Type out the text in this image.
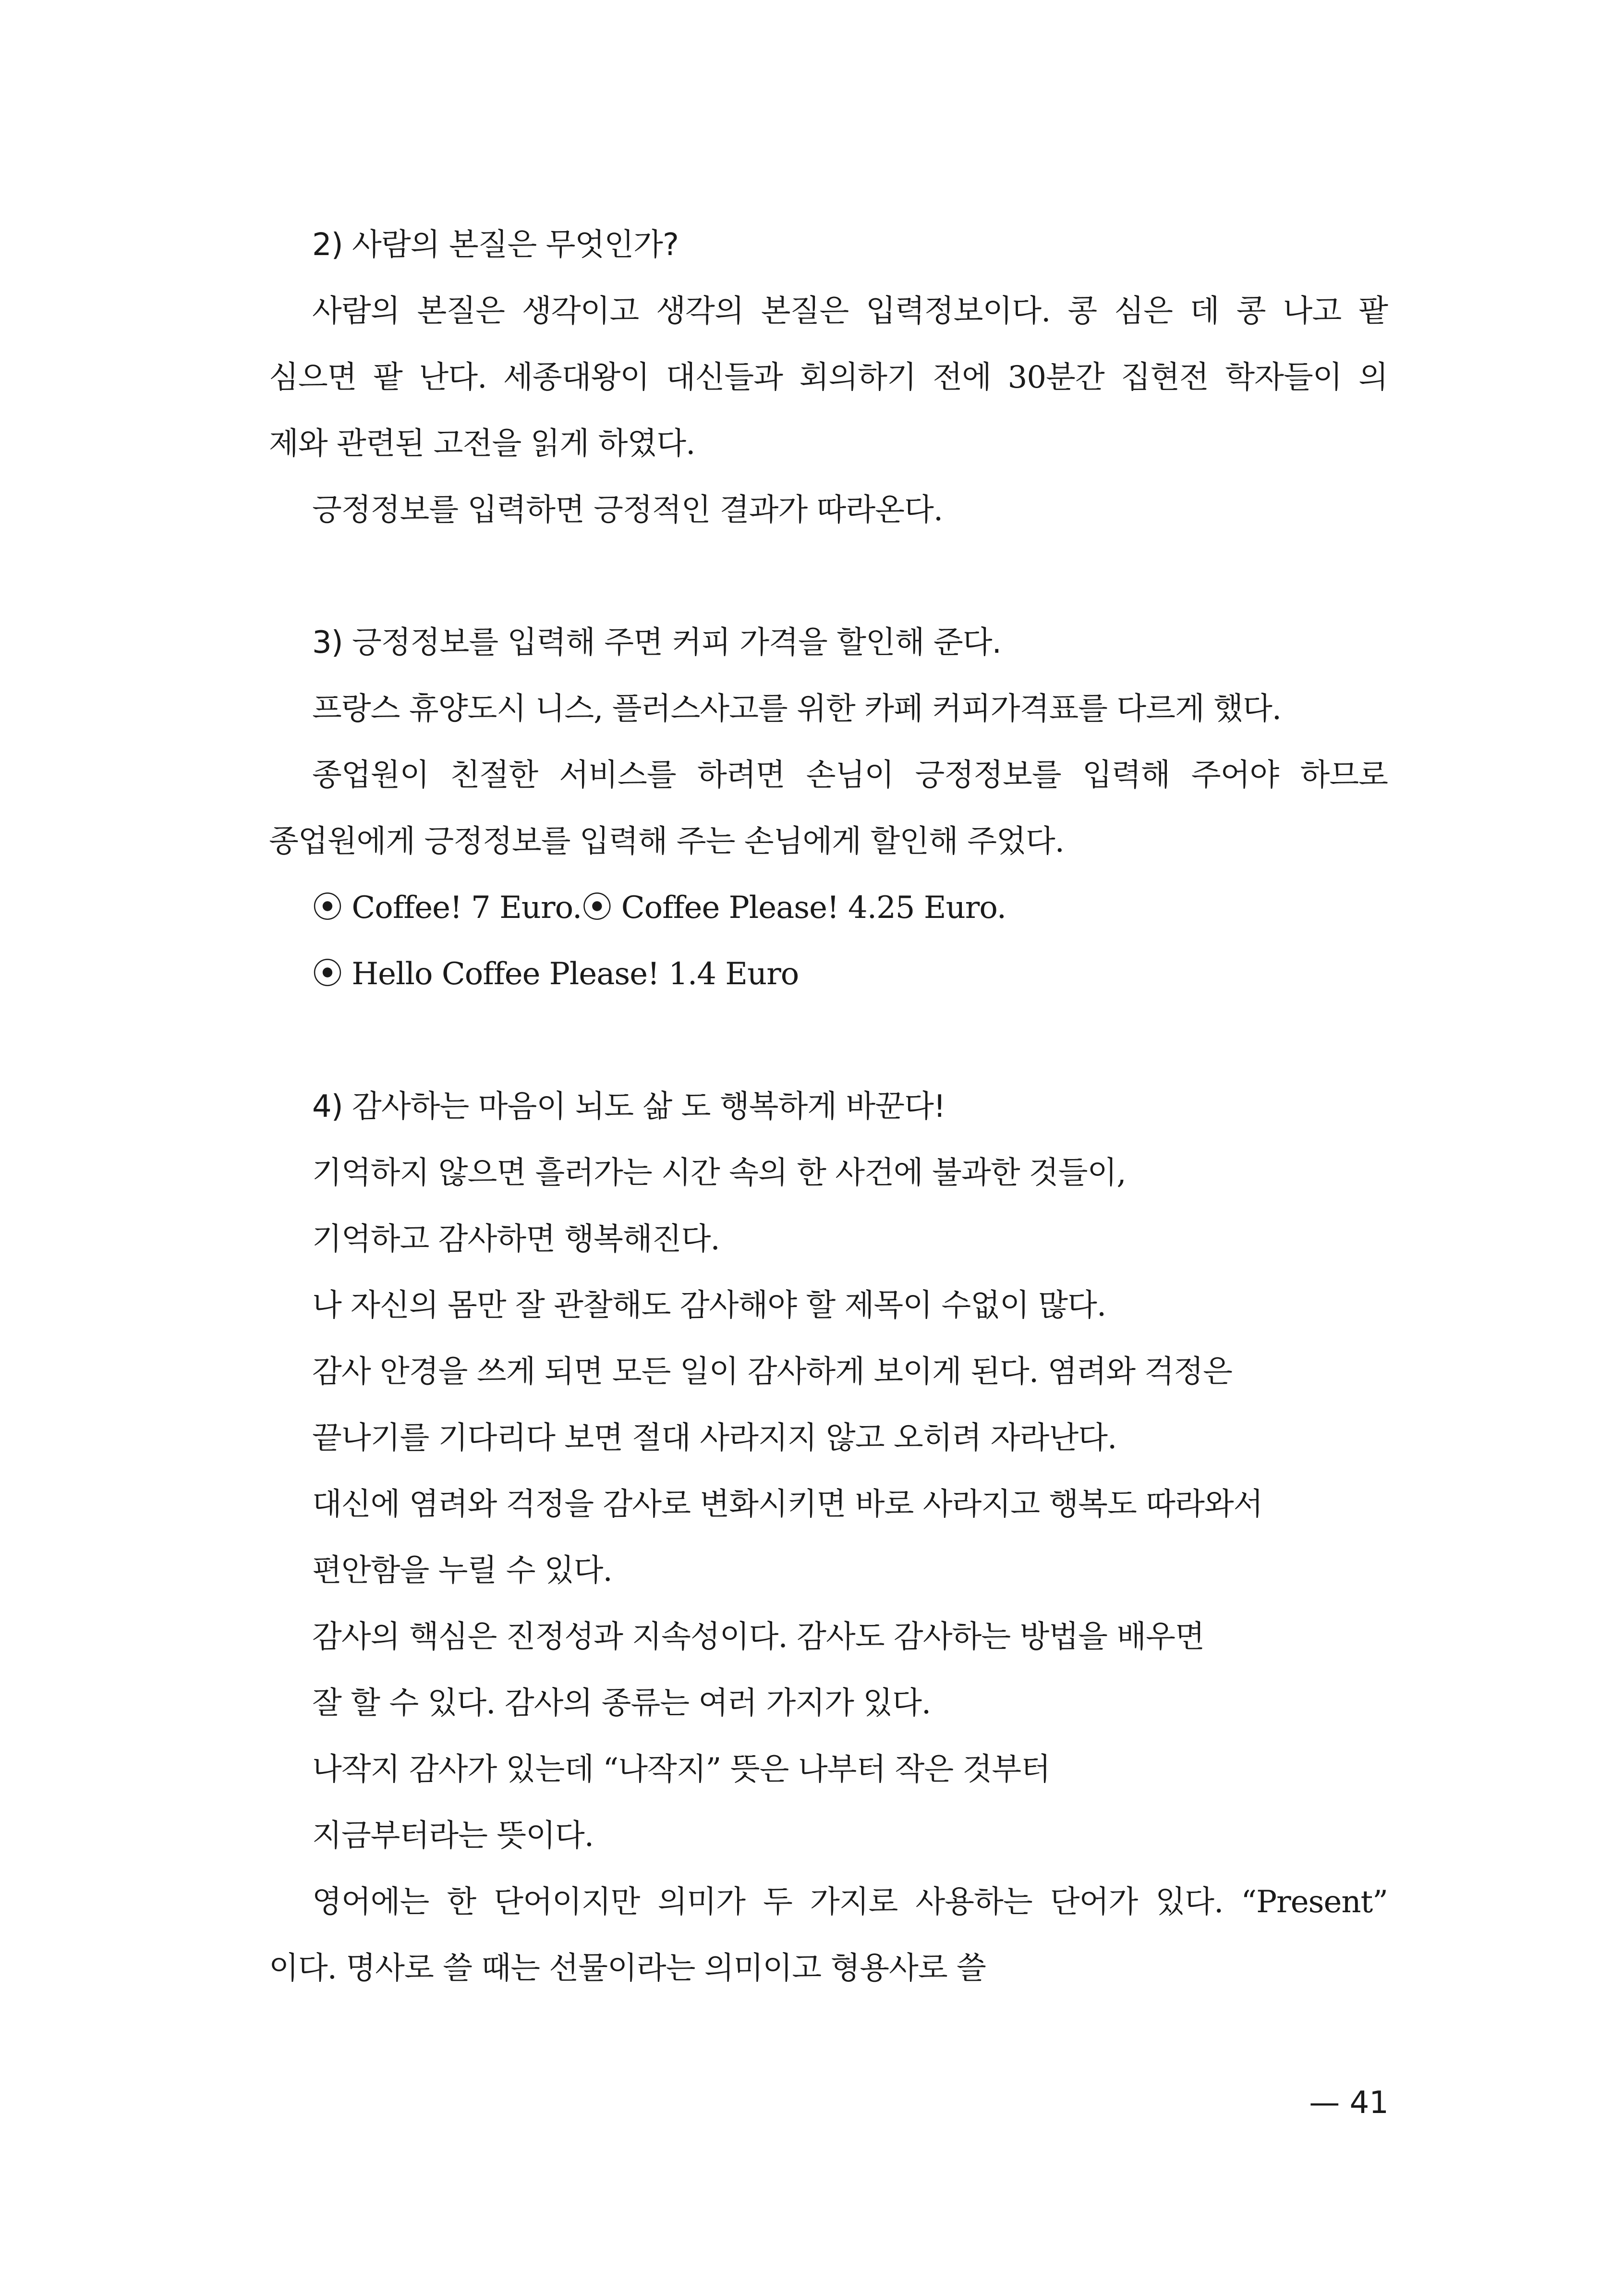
2) 사람의 본질은 무엇인가?
사람의 본질은 생각이고 생각의 본질은 입력정보이다. 콩 심은 데 콩 나고 팥
심으면 팥 난다. 세종대왕이 대신들과 회의하기 전에 30분간 집현전 학자들이 의
제와 관련된 고전을 읽게 하였다.
긍정정보를 입력하면 긍정적인 결과가 따라온다.
3) 긍정정보를 입력해 주면 커피 가격을 할인해 준다.
프랑스 휴양도시 니스, 플러스사고를 위한 카페 커피가격표를 다르게 했다.
종업원이 친절한 서비스를 하려면 손님이 긍정정보를 입력해 주어야 하므로
종업원에게 긍정정보를 입력해 주는 손님에게 할인해 주었다.
⦿ Coffee! 7 Euro.⦿ Coffee Please! 4.25 Euro.
⦿ Hello Coffee Please! 1.4 Euro
4) 감사하는 마음이 뇌도 삶 도 행복하게 바꾼다!
기억하지 않으면 흘러가는 시간 속의 한 사건에 불과한 것들이,
기억하고 감사하면 행복해진다.
나 자신의 몸만 잘 관찰해도 감사해야 할 제목이 수없이 많다.
감사 안경을 쓰게 되면 모든 일이 감사하게 보이게 된다. 염려와 걱정은
끝나기를 기다리다 보면 절대 사라지지 않고 오히려 자라난다.
대신에 염려와 걱정을 감사로 변화시키면 바로 사라지고 행복도 따라와서
편안함을 누릴 수 있다.
감사의 핵심은 진정성과 지속성이다. 감사도 감사하는 방법을 배우면
잘 할 수 있다. 감사의 종류는 여러 가지가 있다.
나작지 감사가 있는데 “나작지” 뜻은 나부터 작은 것부터
지금부터라는 뜻이다.
영어에는 한 단어이지만 의미가 두 가지로 사용하는 단어가 있다. “Present”
이다. 명사로 쓸 때는 선물이라는 의미이고 형용사로 쓸
— 41
